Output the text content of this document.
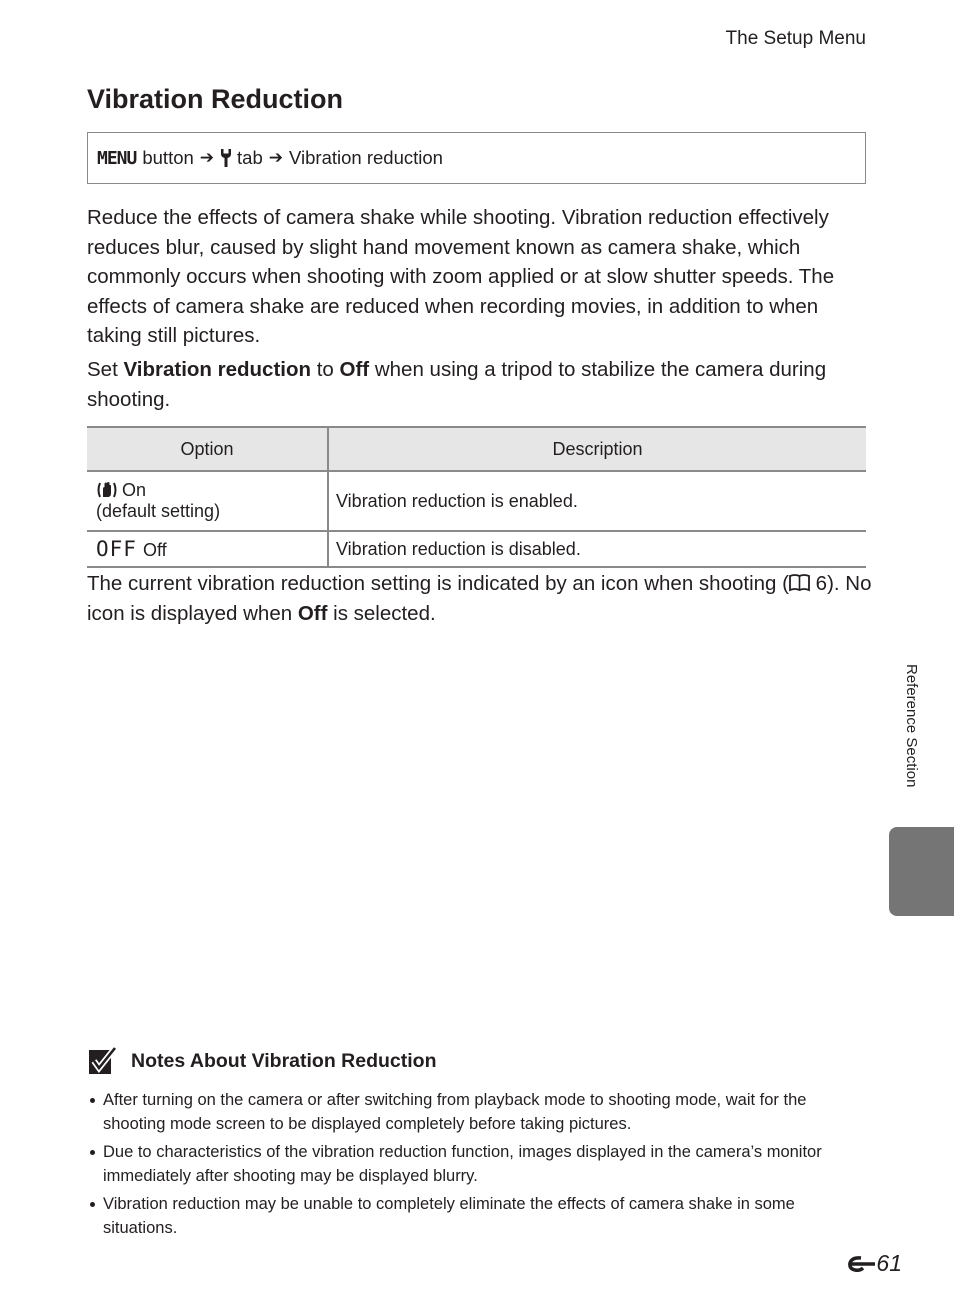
The Setup Menu
Vibration Reduction
MENU button ➔ tab ➔ Vibration reduction

Reduce the effects of camera shake while shooting. Vibration reduction effectively reduces blur, caused by slight hand movement known as camera shake, which commonly occurs when shooting with zoom applied or at slow shutter speeds. The effects of camera shake are reduced when recording movies, in addition to when taking still pictures.

Set Vibration reduction to Off when using a tripod to stabilize the camera during shooting.

Option	Description
On
(default setting)	Vibration reduction is enabled.
OFF Off	Vibration reduction is disabled.

The current vibration reduction setting is indicated by an icon when shooting ( 6). No icon is displayed when Off is selected.

Reference Section
Notes About Vibration Reduction
After turning on the camera or after switching from playback mode to shooting mode, wait for the shooting mode screen to be displayed completely before taking pictures.
Due to characteristics of the vibration reduction function, images displayed in the camera’s monitor immediately after shooting may be displayed blurry.
Vibration reduction may be unable to completely eliminate the effects of camera shake in some situations.
61
